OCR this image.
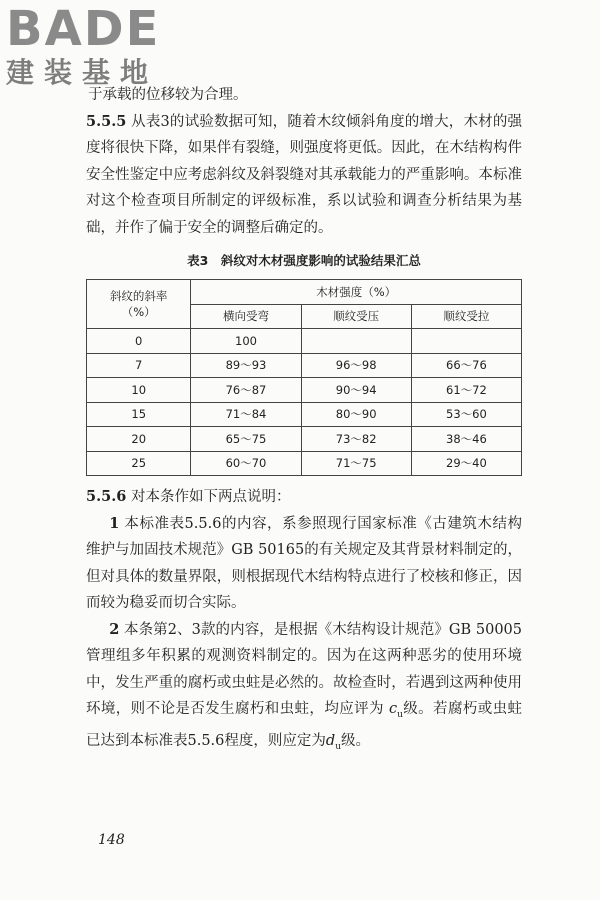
BADE
建装基地

于承载的位移较为合理。

5.5.5 从表3的试验数据可知，随着木纹倾斜角度的增大，木材的强度将很快下降，如果伴有裂缝，则强度将更低。因此，在木结构构件安全性鉴定中应考虑斜纹及斜裂缝对其承载能力的严重影响。本标准对这个检查项目所制定的评级标准，系以试验和调查分析结果为基础，并作了偏于安全的调整后确定的。

表3　斜纹对木材强度影响的试验结果汇总
斜纹的斜率
（%）	木材强度（%）		
	横向受弯	顺纹受压	顺纹受拉
0	100		
7	89～93	96～98	66～76
10	76～87	90～94	61～72
15	71～84	80～90	53～60
20	65～75	73～82	38～46
25	60～70	71～75	29～40

5.5.6 对本条作如下两点说明：

1 本标准表5.5.6的内容，系参照现行国家标准《古建筑木结构维护与加固技术规范》GB 50165的有关规定及其背景材料制定的，但对具体的数量界限，则根据现代木结构特点进行了校核和修正，因而较为稳妥而切合实际。

2 本条第2、3款的内容，是根据《木结构设计规范》GB 50005管理组多年积累的观测资料制定的。因为在这两种恶劣的使用环境中，发生严重的腐朽或虫蛀是必然的。故检查时，若遇到这两种使用环境，则不论是否发生腐朽和虫蛀，均应评为 $c_u$级。若腐朽或虫蛀已达到本标准表5.5.6程度，则应定为$d_u$级。

148
